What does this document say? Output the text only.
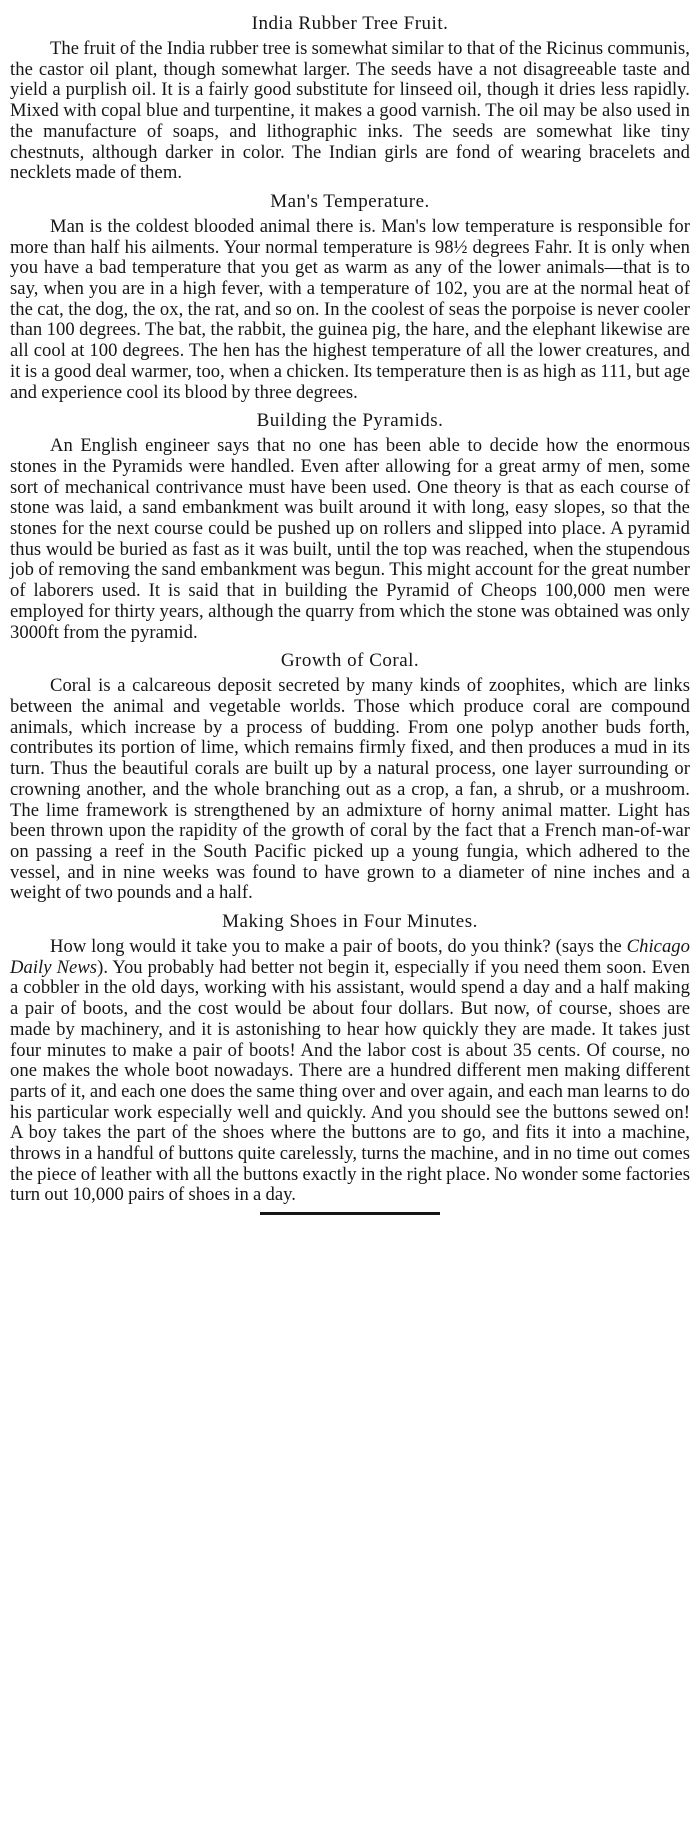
India Rubber Tree Fruit.

The fruit of the India rubber tree is somewhat similar to that of the Ricinus communis, the castor oil plant, though somewhat larger. The seeds have a not disagreeable taste and yield a purplish oil. It is a fairly good substitute for linseed oil, though it dries less rapidly. Mixed with copal blue and turpentine, it makes a good varnish. The oil may be also used in the manufacture of soaps, and lithographic inks. The seeds are somewhat like tiny chestnuts, although darker in color. The Indian girls are fond of wearing bracelets and necklets made of them.

Man's Temperature.

Man is the coldest blooded animal there is. Man's low temperature is responsible for more than half his ailments. Your normal temperature is 98½ degrees Fahr. It is only when you have a bad temperature that you get as warm as any of the lower animals—that is to say, when you are in a high fever, with a temperature of 102, you are at the normal heat of the cat, the dog, the ox, the rat, and so on. In the coolest of seas the porpoise is never cooler than 100 degrees. The bat, the rabbit, the guinea pig, the hare, and the elephant likewise are all cool at 100 degrees. The hen has the highest temperature of all the lower creatures, and it is a good deal warmer, too, when a chicken. Its temperature then is as high as 111, but age and experience cool its blood by three degrees.

Building the Pyramids.

An English engineer says that no one has been able to decide how the enormous stones in the Pyramids were handled. Even after allowing for a great army of men, some sort of mechanical contrivance must have been used. One theory is that as each course of stone was laid, a sand embankment was built around it with long, easy slopes, so that the stones for the next course could be pushed up on rollers and slipped into place. A pyramid thus would be buried as fast as it was built, until the top was reached, when the stupendous job of removing the sand embankment was begun. This might account for the great number of laborers used. It is said that in building the Pyramid of Cheops 100,000 men were employed for thirty years, although the quarry from which the stone was obtained was only 3000ft from the pyramid.

Growth of Coral.

Coral is a calcareous deposit secreted by many kinds of zoophites, which are links between the animal and vegetable worlds. Those which produce coral are compound animals, which increase by a process of budding. From one polyp another buds forth, contributes its portion of lime, which remains firmly fixed, and then produces a mud in its turn. Thus the beautiful corals are built up by a natural process, one layer surrounding or crowning another, and the whole branching out as a crop, a fan, a shrub, or a mushroom. The lime framework is strengthened by an admixture of horny animal matter. Light has been thrown upon the rapidity of the growth of coral by the fact that a French man-of-war on passing a reef in the South Pacific picked up a young fungia, which adhered to the vessel, and in nine weeks was found to have grown to a diameter of nine inches and a weight of two pounds and a half.

Making Shoes in Four Minutes.

How long would it take you to make a pair of boots, do you think? (says the Chicago Daily News). You probably had better not begin it, especially if you need them soon. Even a cobbler in the old days, working with his assistant, would spend a day and a half making a pair of boots, and the cost would be about four dollars. But now, of course, shoes are made by machinery, and it is astonishing to hear how quickly they are made. It takes just four minutes to make a pair of boots! And the labor cost is about 35 cents. Of course, no one makes the whole boot nowadays. There are a hundred different men making different parts of it, and each one does the same thing over and over again, and each man learns to do his particular work especially well and quickly. And you should see the buttons sewed on! A boy takes the part of the shoes where the buttons are to go, and fits it into a machine, throws in a handful of buttons quite carelessly, turns the machine, and in no time out comes the piece of leather with all the buttons exactly in the right place. No wonder some factories turn out 10,000 pairs of shoes in a day.
